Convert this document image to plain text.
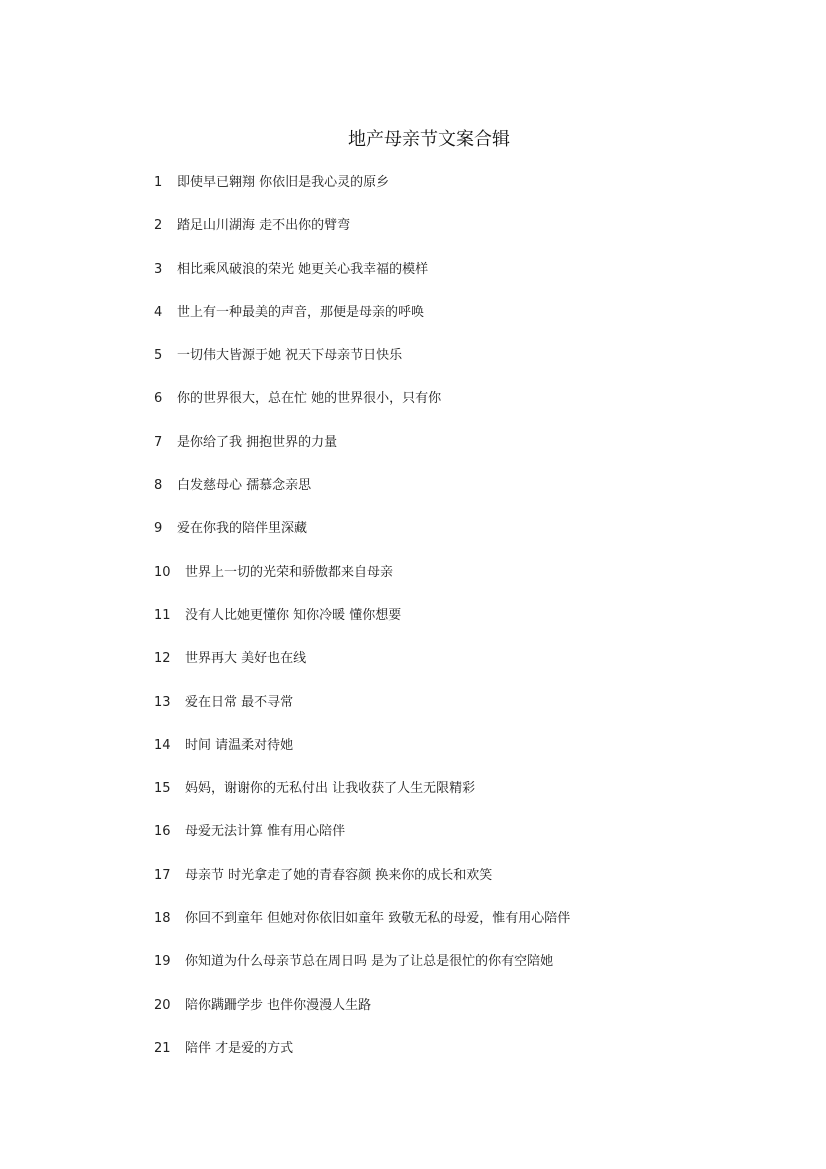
地产母亲节文案合辑
1 即使早已翱翔 你依旧是我心灵的原乡
2 踏足山川湖海 走不出你的臂弯
3 相比乘风破浪的荣光 她更关心我幸福的模样
4 世上有一种最美的声音，那便是母亲的呼唤
5 一切伟大皆源于她 祝天下母亲节日快乐
6 你的世界很大，总在忙 她的世界很小，只有你
7 是你给了我 拥抱世界的力量
8 白发慈母心 孺慕念亲思
9 爱在你我的陪伴里深藏
10 世界上一切的光荣和骄傲都来自母亲
11 没有人比她更懂你 知你冷暖 懂你想要
12 世界再大 美好也在线
13 爱在日常 最不寻常
14 时间 请温柔对待她
15 妈妈，谢谢你的无私付出 让我收获了人生无限精彩
16 母爱无法计算 惟有用心陪伴
17 母亲节 时光拿走了她的青春容颜 换来你的成长和欢笑
18 你回不到童年 但她对你依旧如童年 致敬无私的母爱，惟有用心陪伴
19 你知道为什么母亲节总在周日吗 是为了让总是很忙的你有空陪她
20 陪你蹒跚学步 也伴你漫漫人生路
21 陪伴 才是爱的方式
